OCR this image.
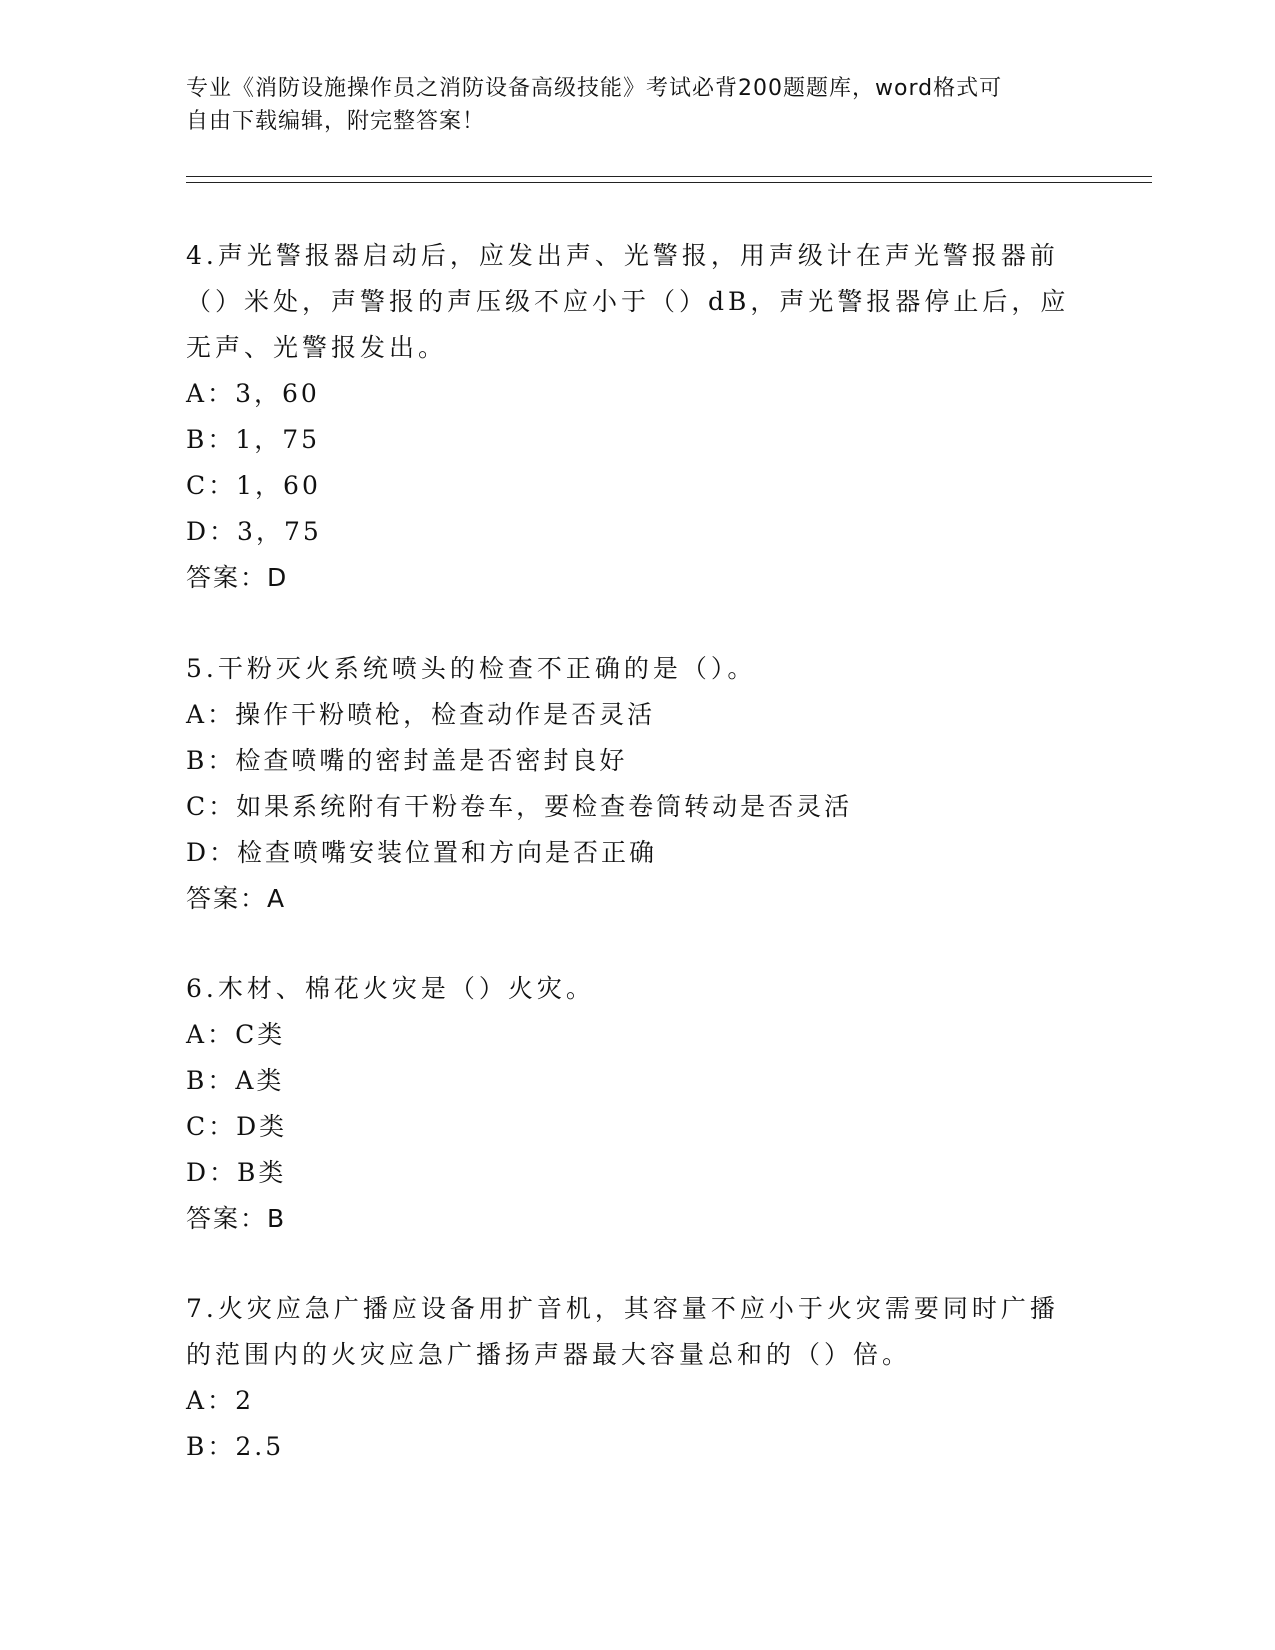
专业《消防设施操作员之消防设备高级技能》考试必背200题题库，word格式可
自由下载编辑，附完整答案！

4.声光警报器启动后，应发出声、光警报，用声级计在声光警报器前（）米处，声警报的声压级不应小于（）dB，声光警报器停止后，应无声、光警报发出。

A：3，60

B：1，75

C：1，60

D：3，75

答案：D

5.干粉灭火系统喷头的检查不正确的是（）。

A：操作干粉喷枪，检查动作是否灵活

B：检查喷嘴的密封盖是否密封良好

C：如果系统附有干粉卷车，要检查卷筒转动是否灵活

D：检查喷嘴安装位置和方向是否正确

答案：A

6.木材、棉花火灾是（）火灾。

A：C类

B：A类

C：D类

D：B类

答案：B

7.火灾应急广播应设备用扩音机，其容量不应小于火灾需要同时广播的范围内的火灾应急广播扬声器最大容量总和的（）倍。

A：2

B：2.5
